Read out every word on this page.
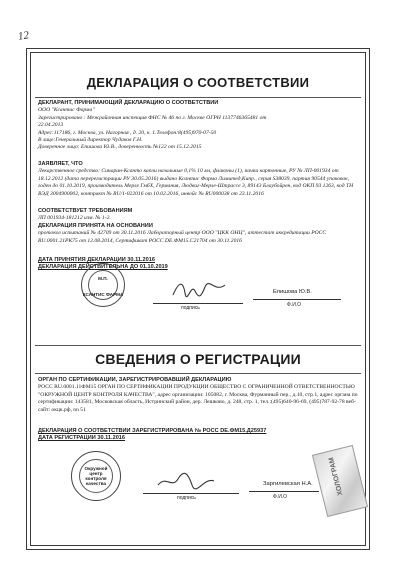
12
ДЕКЛАРАЦИЯ О СООТВЕТСТВИИ

ДЕКЛАРАНТ, ПРИНИМАЮЩИЙ ДЕКЛАРАЦИЮ О СООТВЕТСТВИИ

ООО "Ксантис Фарма"

Зарегистрировано : Межрайонная инспекция ФНС № 46 по г. Москве ОГРН 1137746365481 от

22.04.2013

Адрес:117186, г. Москва, ул. Нагорная , д. 20, к. 1.Телефон:8(495)970-07-50

В лице:Генеральный директор Чудаков Г.Н.

Доверенное лицо: Епишова Ю.В., доверенность №122 от 15.12.2015

ЗАЯВЛЯЕТ, ЧТО

Лекарственное средство: Синарин-Ксанто капли назальные 0,1% 10 мл, флаконы (1), пачки картонные, РУ № ЛП-001934 от 18.12.2012 (дата перерегистрации РУ 30.05.2016) выдано Ксантис Фарма Лимитед,Кипр., серия S38039, партия 90544 упаковок, годен до 01.10.2019, производитель Мерле ГмбХ, Германия, Людвиг-Мерле-Штрассе 3, 89143 Блаубойрен, код ОКП 93 1263, код ТН ВЭД 3004900002, контракт № RU/1-022016 от 10.02.2016, инвойс № RU000038 от 23.11.2016

СООТВЕТСТВУЕТ ТРЕБОВАНИЯМ

ЛП 001934-181212 изм. № 1-2.

ДЕКЛАРАЦИЯ ПРИНЯТА НА ОСНОВАНИИ

протокол испытаний № 42709 от 30.11.2016 Лабораторный центр ООО "ЦКК ОНЦ", аттестат аккредитации РОСС RU.0001.21РК75 от 12.08.2014, Сертификат РОСС DE.ФМ15.С21704 от 30.11.2016

ДАТА ПРИНЯТИЯ ДЕКЛАРАЦИИ 30.11.2016

ДЕКЛАРАЦИЯ ДЕЙСТВИТЕЛЬНА ДО 01.10.2019

М.П.
КСАНТИС ФАРМА
подпись
Епишова Ю.В.
Ф.И.О
СВЕДЕНИЯ О РЕГИСТРАЦИИ

ОРГАН ПО СЕРТИФИКАЦИИ, ЗАРЕГИСТРИРОВАВШИЙ ДЕКЛАРАЦИЮ

РОСС RU.0001.11ФМ15 ОРГАН ПО СЕРТИФИКАЦИИ ПРОДУКЦИИ ОБЩЕСТВО С ОГРАНИЧЕННОЙ ОТВЕТСТВЕННОСТЬЮ "ОКРУЖНОЙ ЦЕНТР КОНТРОЛЯ КАЧЕСТВА", адрес организации: 105082, г. Москва, Фурманный пер., д.10, стр.1, адрес органа по сертификации: 143581, Московская область, Истринский район, дер. Лешково, д. 248, стр. 1, тел.:(495)640-96-69, (495)787-92-78 веб-сайт: oкцк.рф, nn 51

ДЕКЛАРАЦИЯ О СООТВЕТСТВИИ ЗАРЕГИСТРИРОВАНА № РОСС DE.ФМ15.Д25937

ДАТА РЕГИСТРАЦИИ 30.11.2016

Окружной центр контроля качества
подпись
Заргилевская Н.А.
Ф.И.О
ХОЛОГРАМ
